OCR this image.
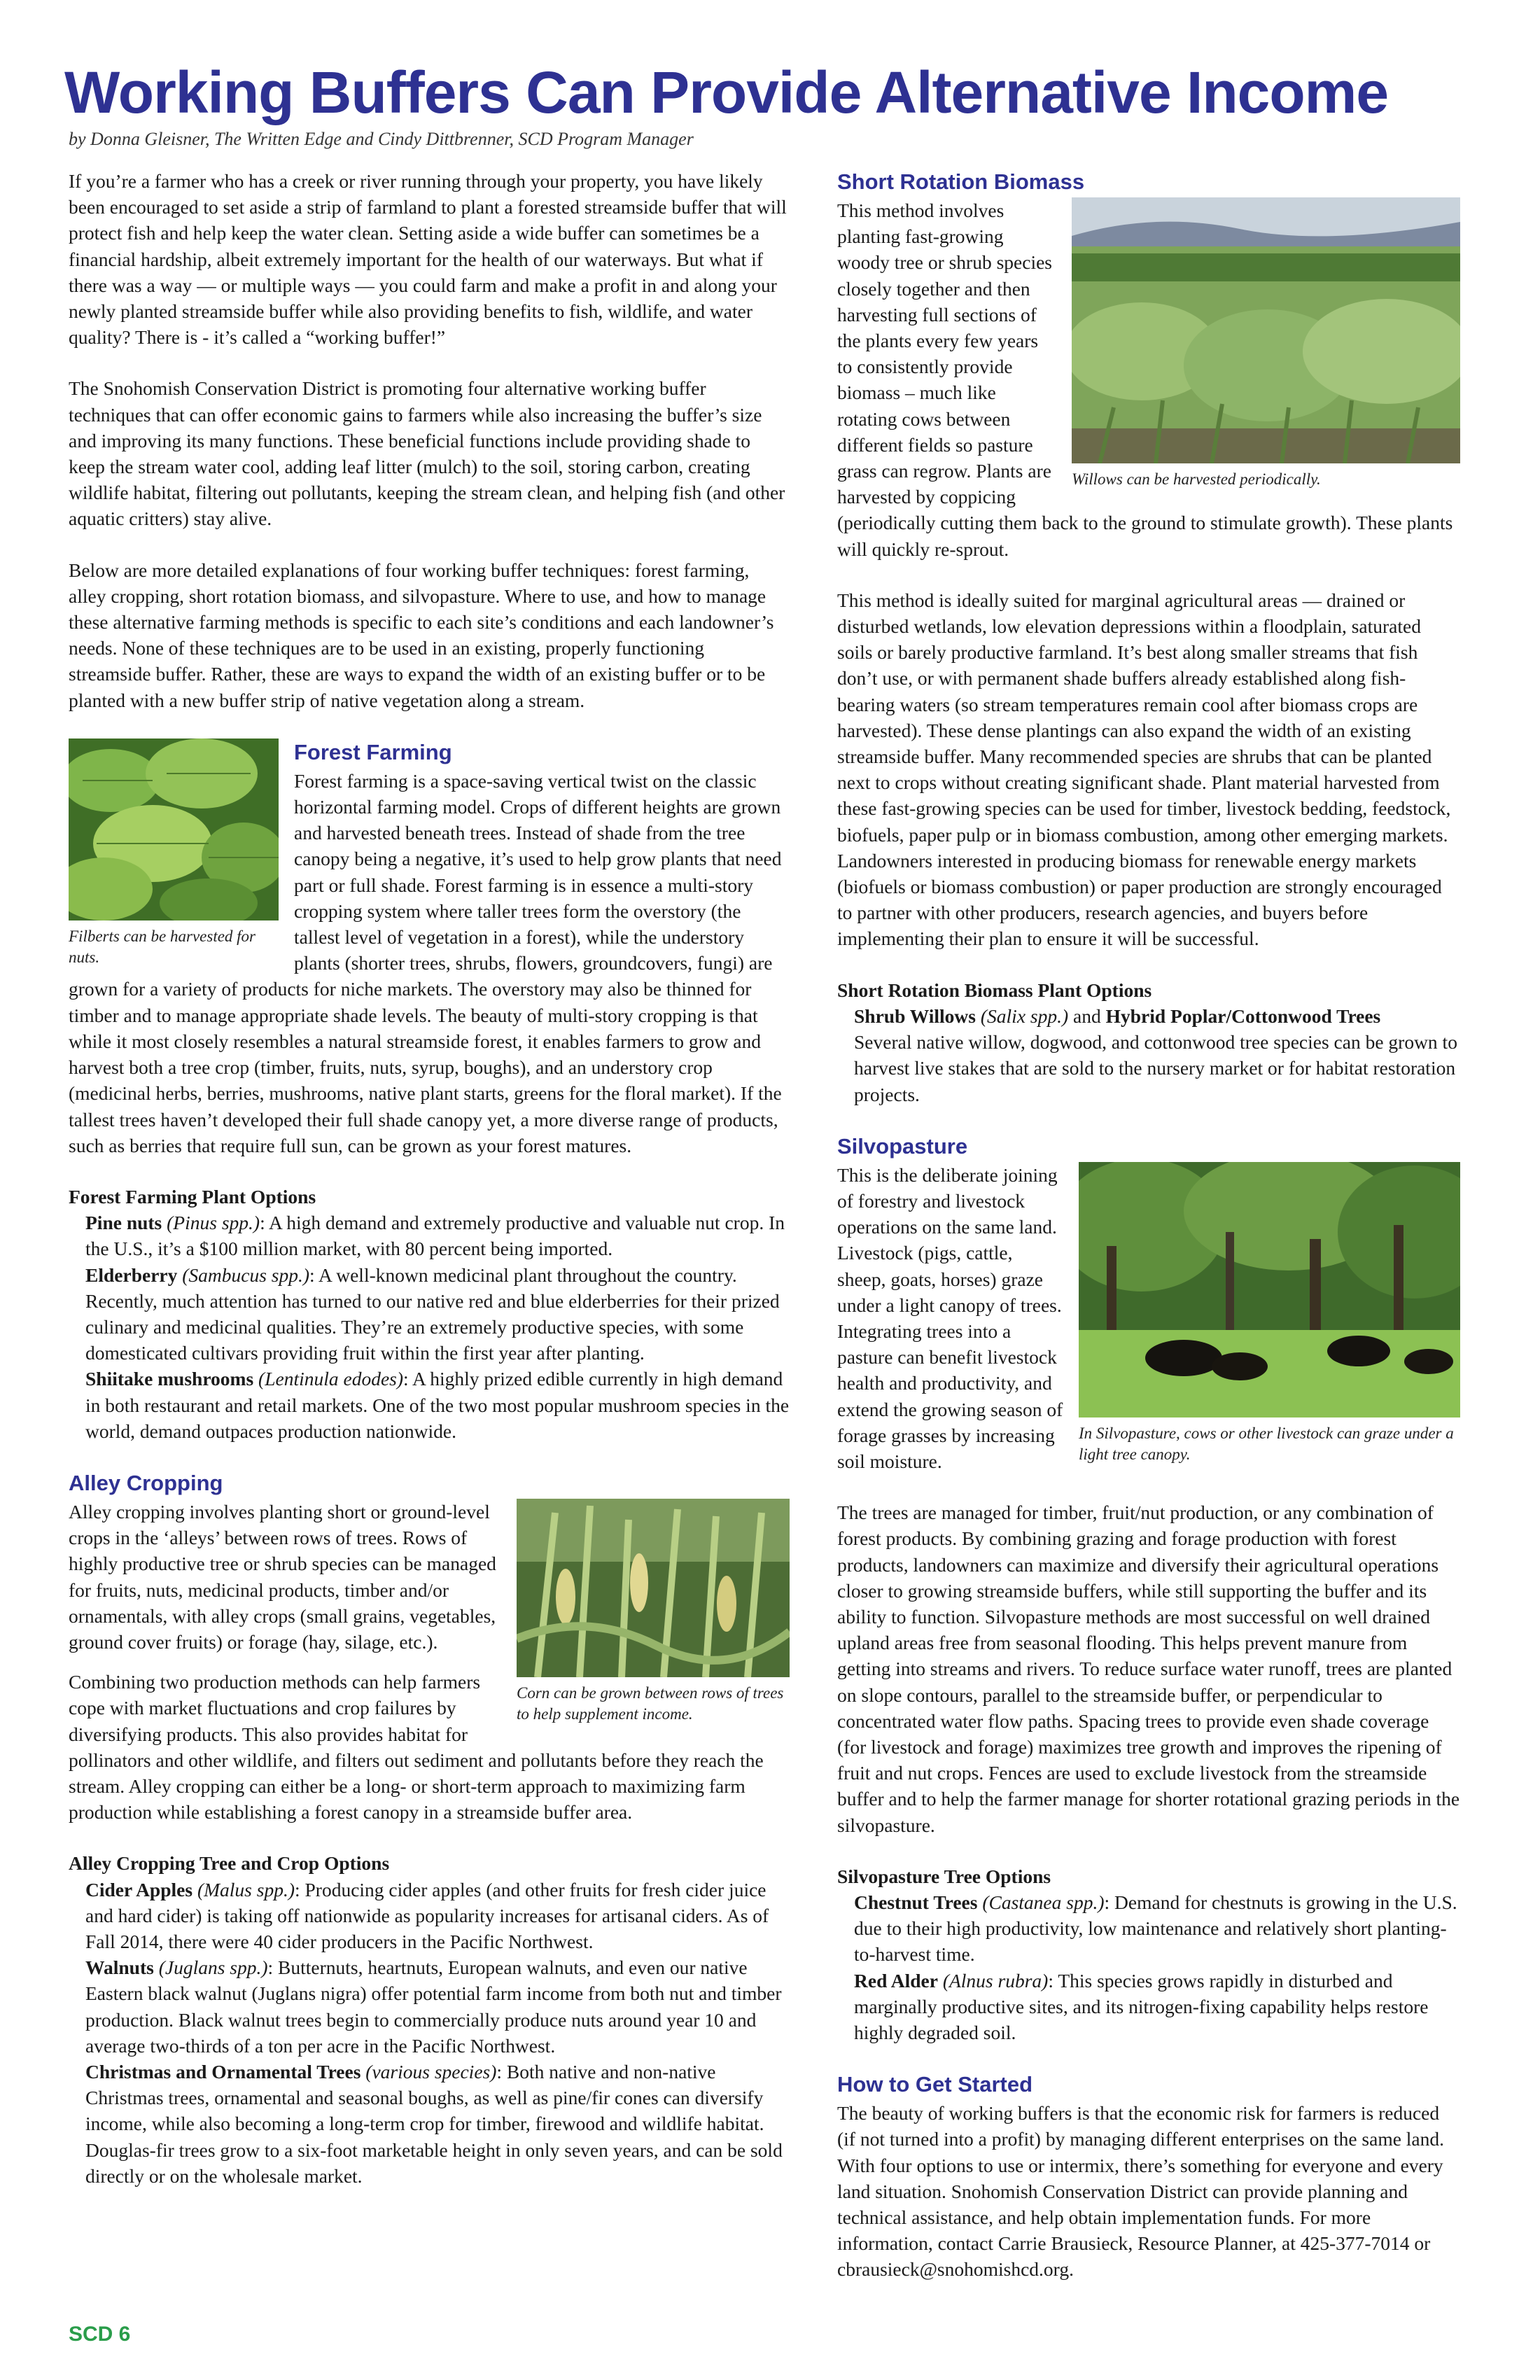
Working Buffers Can Provide Alternative Income
by Donna Gleisner, The Written Edge and Cindy Dittbrenner, SCD Program Manager

If you’re a farmer who has a creek or river running through your property, you have likely been encouraged to set aside a strip of farmland to plant a forested streamside buffer that will protect fish and help keep the water clean. Setting aside a wide buffer can sometimes be a financial hardship, albeit extremely important for the health of our waterways. But what if there was a way — or multiple ways — you could farm and make a profit in and along your newly planted streamside buffer while also providing benefits to fish, wildlife, and water quality? There is - it’s called a “working buffer!”

The Snohomish Conservation District is promoting four alternative working buffer techniques that can offer economic gains to farmers while also increasing the buffer’s size and improving its many functions. These beneficial functions include providing shade to keep the stream water cool, adding leaf litter (mulch) to the soil, storing carbon, creating wildlife habitat, filtering out pollutants, keeping the stream clean, and helping fish (and other aquatic critters) stay alive.

Below are more detailed explanations of four working buffer techniques: forest farming, alley cropping, short rotation biomass, and silvopasture. Where to use, and how to manage these alternative farming methods is specific to each site’s conditions and each landowner’s needs. None of these techniques are to be used in an existing, properly functioning streamside buffer. Rather, these are ways to expand the width of an existing buffer or to be planted with a new buffer strip of native vegetation along a stream.

Filberts can be harvested for nuts.
Forest Farming

Forest farming is a space-saving vertical twist on the classic horizontal farming model. Crops of different heights are grown and harvested beneath trees. Instead of shade from the tree canopy being a negative, it’s used to help grow plants that need part or full shade. Forest farming is in essence a multi-story cropping system where taller trees form the overstory (the tallest level of vegetation in a forest), while the understory plants (shorter trees, shrubs, flowers, groundcovers, fungi) are grown for a variety of products for niche markets. The overstory may also be thinned for timber and to manage appropriate shade levels. The beauty of multi-story cropping is that while it most closely resembles a natural streamside forest, it enables farmers to grow and harvest both a tree crop (timber, fruits, nuts, syrup, boughs), and an understory crop (medicinal herbs, berries, mushrooms, native plant starts, greens for the floral market). If the tallest trees haven’t developed their full shade canopy yet, a more diverse range of products, such as berries that require full sun, can be grown as your forest matures.

Forest Farming Plant Options
Pine nuts (Pinus spp.): A high demand and extremely productive and valuable nut crop. In the U.S., it’s a $100 million market, with 80 percent being imported.
Elderberry (Sambucus spp.): A well-known medicinal plant throughout the country. Recently, much attention has turned to our native red and blue elderberries for their prized culinary and medicinal qualities. They’re an extremely productive species, with some domesticated cultivars providing fruit within the first year after planting.
Shiitake mushrooms (Lentinula edodes): A highly prized edible currently in high demand in both restaurant and retail markets. One of the two most popular mushroom species in the world, demand outpaces production nationwide.
Alley Cropping
Corn can be grown between rows of trees to help supplement income.

Alley cropping involves planting short or ground-level crops in the ‘alleys’ between rows of trees. Rows of highly productive tree or shrub species can be managed for fruits, nuts, medicinal products, timber and/or ornamentals, with alley crops (small grains, vegetables, ground cover fruits) or forage (hay, silage, etc.).

Combining two production methods can help farmers cope with market fluctuations and crop failures by diversifying products. This also provides habitat for pollinators and other wildlife, and filters out sediment and pollutants before they reach the stream. Alley cropping can either be a long- or short-term approach to maximizing farm production while establishing a forest canopy in a streamside buffer area.

Alley Cropping Tree and Crop Options
Cider Apples (Malus spp.): Producing cider apples (and other fruits for fresh cider juice and hard cider) is taking off nationwide as popularity increases for artisanal ciders. As of Fall 2014, there were 40 cider producers in the Pacific Northwest.
Walnuts (Juglans spp.): Butternuts, heartnuts, European walnuts, and even our native Eastern black walnut (Juglans nigra) offer potential farm income from both nut and timber production. Black walnut trees begin to commercially produce nuts around year 10 and average two-thirds of a ton per acre in the Pacific Northwest.
Christmas and Ornamental Trees (various species): Both native and non-native Christmas trees, ornamental and seasonal boughs, as well as pine/fir cones can diversify income, while also becoming a long-term crop for timber, firewood and wildlife habitat. Douglas-fir trees grow to a six-foot marketable height in only seven years, and can be sold directly or on the wholesale market.
Short Rotation Biomass
Willows can be harvested periodically.

This method involves planting fast-growing woody tree or shrub species closely together and then harvesting full sections of the plants every few years to consistently provide biomass – much like rotating cows between different fields so pasture grass can regrow. Plants are harvested by coppicing (periodically cutting them back to the ground to stimulate growth). These plants will quickly re-sprout.

This method is ideally suited for marginal agricultural areas — drained or disturbed wetlands, low elevation depressions within a floodplain, saturated soils or barely productive farmland. It’s best along smaller streams that fish don’t use, or with permanent shade buffers already established along fish-bearing waters (so stream temperatures remain cool after biomass crops are harvested). These dense plantings can also expand the width of an existing streamside buffer. Many recommended species are shrubs that can be planted next to crops without creating significant shade. Plant material harvested from these fast-growing species can be used for timber, livestock bedding, feedstock, biofuels, paper pulp or in biomass combustion, among other emerging markets. Landowners interested in producing biomass for renewable energy markets (biofuels or biomass combustion) or paper production are strongly encouraged to partner with other producers, research agencies, and buyers before implementing their plan to ensure it will be successful.

Short Rotation Biomass Plant Options
Shrub Willows (Salix spp.) and Hybrid Poplar/Cottonwood Trees
Several native willow, dogwood, and cottonwood tree species can be grown to harvest live stakes that are sold to the nursery market or for habitat restoration projects.
Silvopasture
In Silvopasture, cows or other livestock can graze under a light tree canopy.

This is the deliberate joining of forestry and livestock operations on the same land. Livestock (pigs, cattle, sheep, goats, horses) graze under a light canopy of trees. Integrating trees into a pasture can benefit livestock health and productivity, and extend the growing season of forage grasses by increasing soil moisture.

The trees are managed for timber, fruit/nut production, or any combination of forest products. By combining grazing and forage production with forest products, landowners can maximize and diversify their agricultural operations closer to growing streamside buffers, while still supporting the buffer and its ability to function. Silvopasture methods are most successful on well drained upland areas free from seasonal flooding. This helps prevent manure from getting into streams and rivers. To reduce surface water runoff, trees are planted on slope contours, parallel to the streamside buffer, or perpendicular to concentrated water flow paths. Spacing trees to provide even shade coverage (for livestock and forage) maximizes tree growth and improves the ripening of fruit and nut crops. Fences are used to exclude livestock from the streamside buffer and to help the farmer manage for shorter rotational grazing periods in the silvopasture.

Silvopasture Tree Options
Chestnut Trees (Castanea spp.): Demand for chestnuts is growing in the U.S. due to their high productivity, low maintenance and relatively short planting-to-harvest time.
Red Alder (Alnus rubra): This species grows rapidly in disturbed and marginally productive sites, and its nitrogen-fixing capability helps restore highly degraded soil.
How to Get Started

The beauty of working buffers is that the economic risk for farmers is reduced (if not turned into a profit) by managing different enterprises on the same land. With four options to use or intermix, there’s something for everyone and every land situation. Snohomish Conservation District can provide planning and technical assistance, and help obtain implementation funds. For more information, contact Carrie Brausieck, Resource Planner, at 425-377-7014 or cbrausieck@snohomishcd.org.

SCD 6
